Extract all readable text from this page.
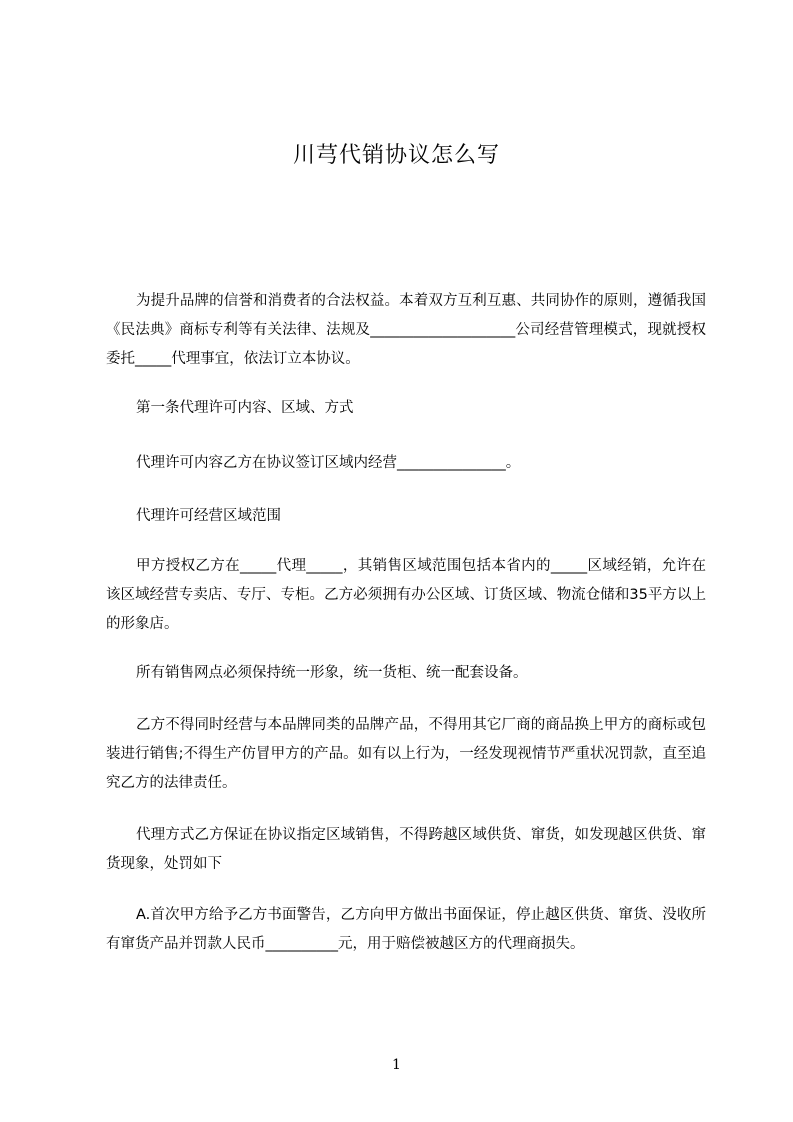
川芎代销协议怎么写
为提升品牌的信誉和消费者的合法权益。本着双方互利互惠、共同协作的原则，遵循我国《民法典》商标专利等有关法律、法规及____________________公司经营管理模式，现就授权委托_____代理事宜，依法订立本协议。
第一条代理许可内容、区域、方式
代理许可内容乙方在协议签订区域内经营_______________。
代理许可经营区域范围
甲方授权乙方在_____代理_____，其销售区域范围包括本省内的_____区域经销，允许在该区域经营专卖店、专厅、专柜。乙方必须拥有办公区域、订货区域、物流仓储和35平方以上的形象店。
所有销售网点必须保持统一形象，统一货柜、统一配套设备。
乙方不得同时经营与本品牌同类的品牌产品，不得用其它厂商的商品换上甲方的商标或包装进行销售;不得生产仿冒甲方的产品。如有以上行为，一经发现视情节严重状况罚款，直至追究乙方的法律责任。
代理方式乙方保证在协议指定区域销售，不得跨越区域供货、窜货，如发现越区供货、窜货现象，处罚如下
A.首次甲方给予乙方书面警告，乙方向甲方做出书面保证，停止越区供货、窜货、没收所有窜货产品并罚款人民币__________元，用于赔偿被越区方的代理商损失。
1
